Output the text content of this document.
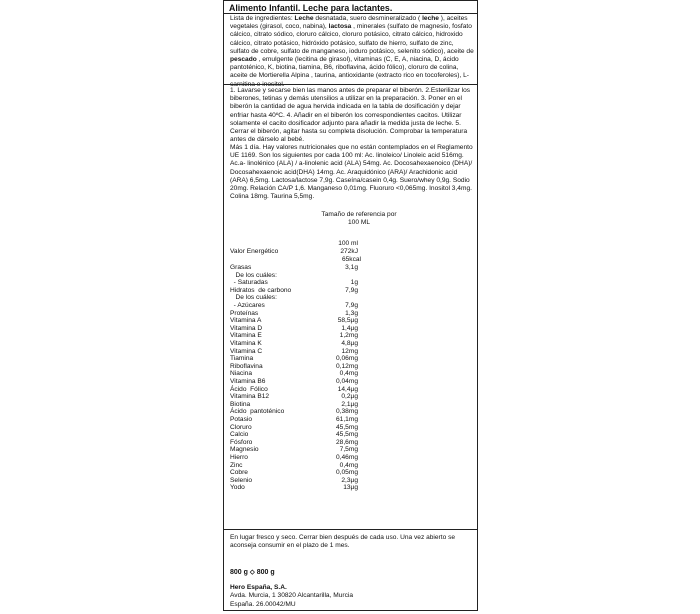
Alimento Infantil. Leche para lactantes.

Lista de ingredientes: Leche desnatada, suero desmineralizado ( leche ), aceites vegetales (girasol, coco, nabina), lactosa , minerales (sulfato de magnesio, fosfato cálcico, citrato sódico, cloruro cálcico, cloruro potásico, citrato cálcico, hidroxido cálcico, citrato potásico, hidróxido potásico, sulfato de hierro, sulfato de zinc, sulfato de cobre, sulfato de manganeso, ioduro potásico, selenito sódico), aceite de pescado , emulgente (lecitina de girasol), vitaminas (C, E, A, niacina, D, ácido pantoténico, K, biotina, tiamina, B6, riboflavina, ácido fólico), cloruro de colina, aceite de Mortierella Alpina , taurina, antioxidante (extracto rico en tocoferoles), L-carnitina e inositol.

1. Lavarse y secarse bien las manos antes de preparar el biberón. 2.Esterilizar los biberones, tetinas y demás utensilios a utilizar en la preparación. 3. Poner en el biberón la cantidad de agua hervida indicada en la tabla de dosificación y dejar enfriar hasta 40ºC. 4. Añadir en el biberón los correspondientes cacitos. Utilizar solamente el cacito dosificador adjunto para añadir la medida justa de leche. 5. Cerrar el biberón, agitar hasta su completa disolución. Comprobar la temperatura antes de dárselo al bebé.

Más 1 día. Hay valores nutricionales que no están contemplados en el Reglamento UE 1169. Son los siguientes por cada 100 ml: Ac. linoleico/ Linoleic acid 516mg. Ac.a- linolénico (ALA) / a-linolenic acid (ALA) 54mg. Ac. Docosahexaenoico (DHA)/ Docosahexaenoic acid(DHA) 14mg. Ac. Araquidónico (ARA)/ Arachidonic acid (ARA) 6,5mg. Lactosa/lactose 7,9g. Caseína/casein 0,4g. Suero/whey 0,9g. Sodio 20mg. Relación CA/P 1,6. Manganeso 0,01mg. Fluoruro <0,065mg. Inositol 3,4mg. Colina 18mg. Taurina 5,5mg.

Tamaño de referencia por 100 ML
100 ml
Valor Energético	272kJ
65kcal
Grasas	3,1g
De los cuáles:
- Saturadas	1g
Hidratos  de carbono	7,9g
De los cuáles:
- Azúcares	7,9g
Proteínas	1,3g
Vitamina A	58,5µg
Vitamina D	1,4µg
Vitamina E	1,2mg
Vitamina K	4,8µg
Vitamina C	12mg
Tiamina	0,06mg
Riboflavina	0,12mg
Niacina	0,4mg
Vitamina B6	0,04mg
Ácido  Fólico	14,4µg
Vitamina B12	0,2µg
Biotina	2,1µg
Ácido  pantoténico	0,38mg
Potasio	61,1mg
Cloruro	45,5mg
Calcio	45,5mg
Fósforo	28,6mg
Magnesio	7,5mg
Hierro	0,46mg
Zinc	0,4mg
Cobre	0,05mg
Selenio	2,3µg
Yodo	13µg

En lugar fresco y seco. Cerrar bien después de cada uso. Una vez abierto se aconseja consumir en el plazo de 1 mes.

800 g ⬦ 800 g
Hero España, S.A.
Avda. Murcia, 1 30820 Alcantarilla, Murcia
España. 26.00042/MU
